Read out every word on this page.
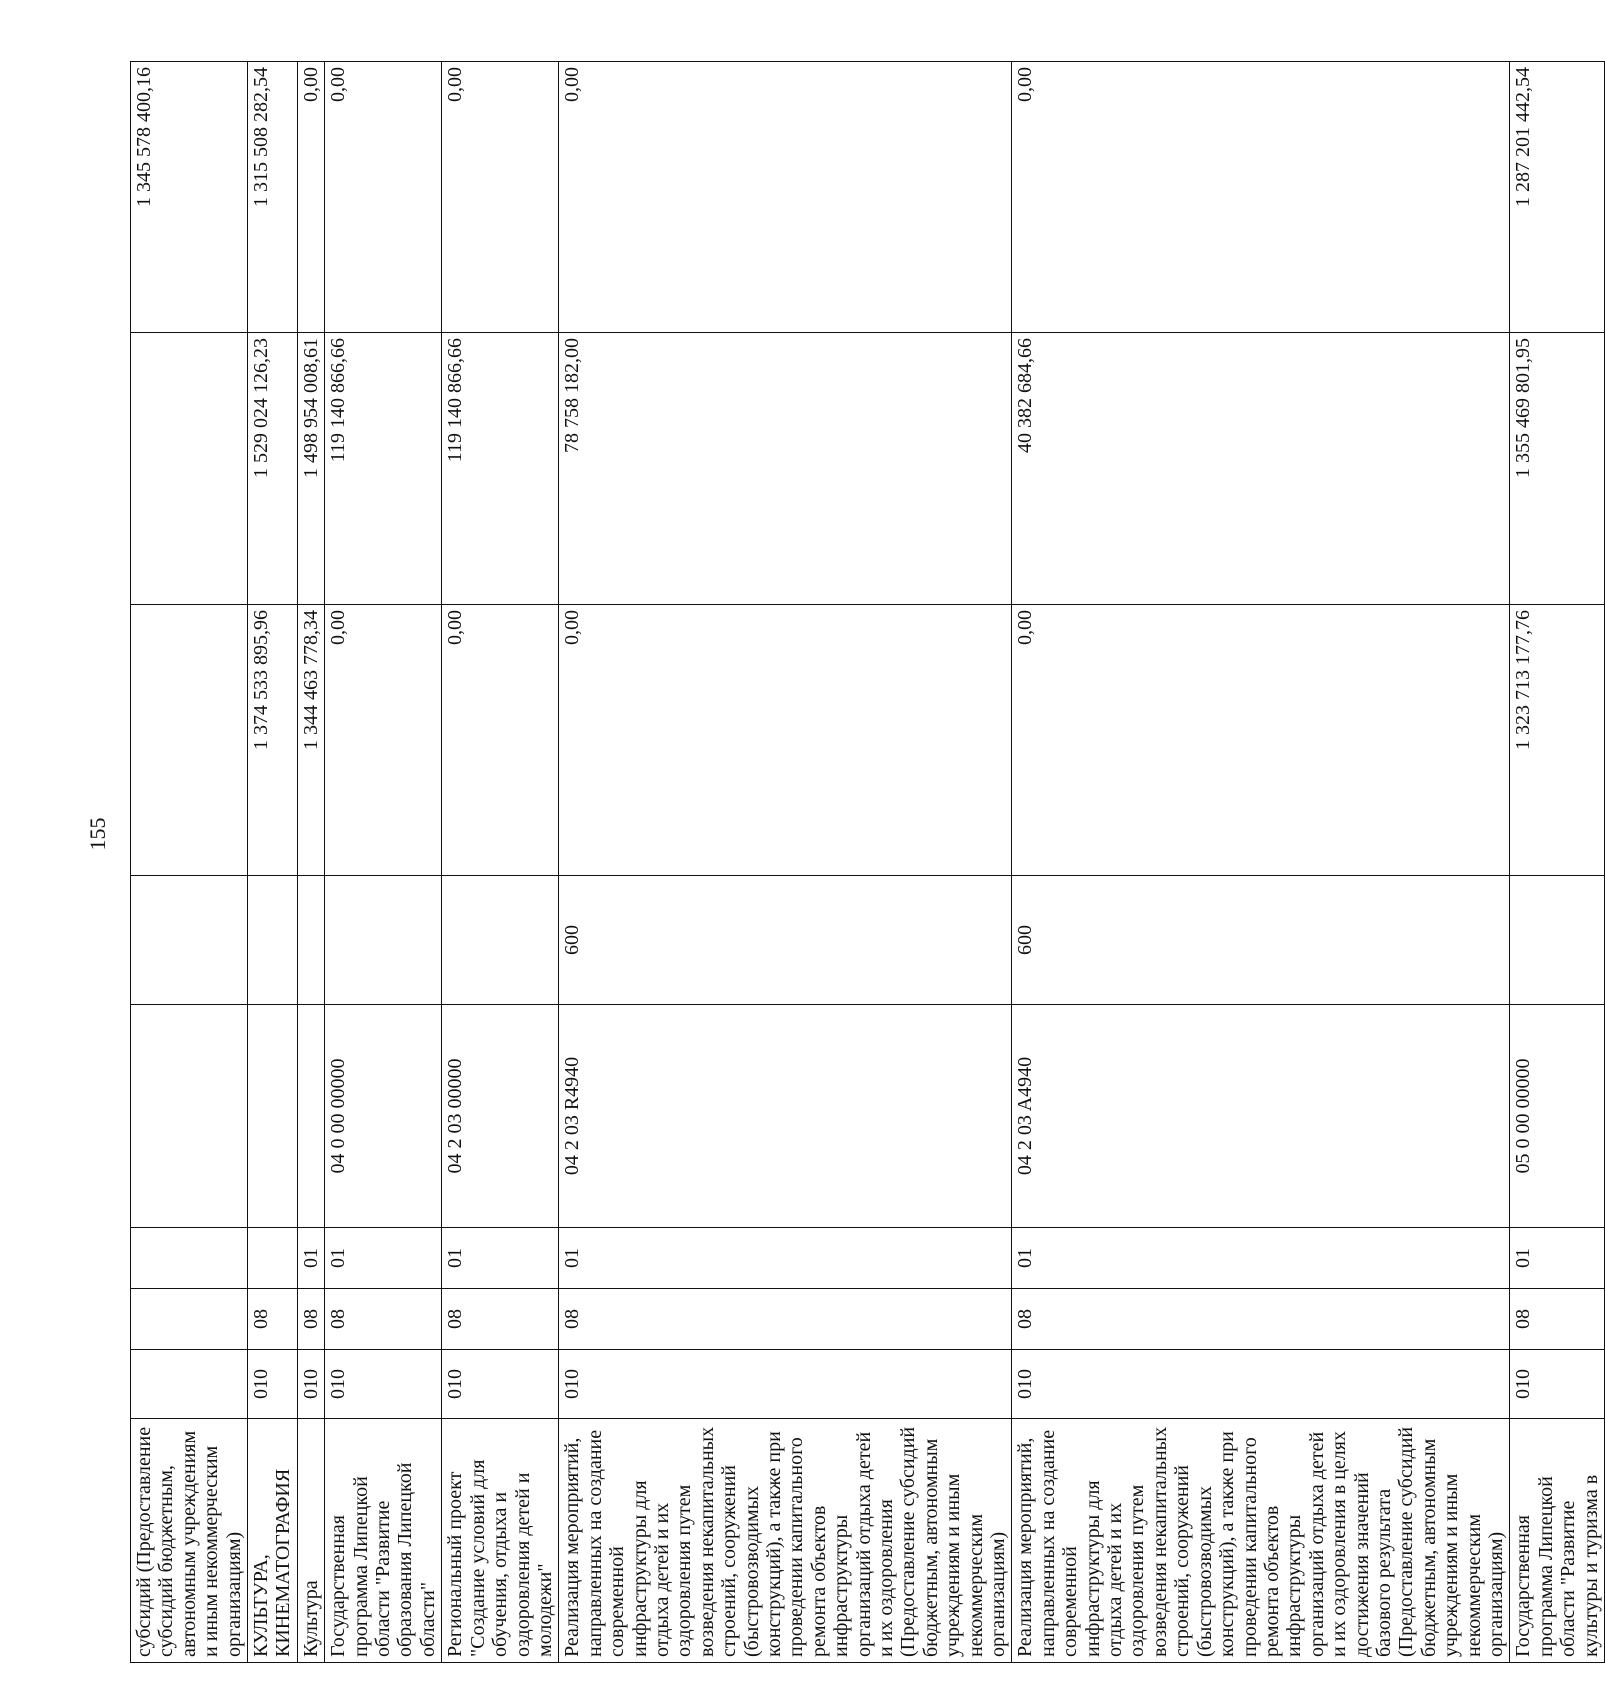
155
субсидий (Предоставление субсидий бюджетным, автономным учреждениям и иным некоммерческим организациям)								1 345 578 400,16
КУЛЬТУРА, КИНЕМАТОГРАФИЯ	010	08				1 374 533 895,96	1 529 024 126,23	1 315 508 282,54
Культура	010	08	01			1 344 463 778,34	1 498 954 008,61	0,00
Государственная программа Липецкой области "Развитие образования Липецкой области"	010	08	01	04 0 00 00000		0,00	119 140 866,66	0,00
Региональный проект "Создание условий для обучения, отдыха и оздоровления детей и молодежи"	010	08	01	04 2 03 00000		0,00	119 140 866,66	0,00
Реализация мероприятий, направленных на создание современной инфраструктуры для отдыха детей и их оздоровления путем возведения некапитальных строений, сооружений (быстровозводимых конструкций), а также при проведении капитального ремонта объектов инфраструктуры организаций отдыха детей и их оздоровления (Предоставление субсидий бюджетным, автономным учреждениям и иным некоммерческим организациям)	010	08	01	04 2 03 R4940	600	0,00	78 758 182,00	0,00
Реализация мероприятий, направленных на создание современной инфраструктуры для отдыха детей и их оздоровления путем возведения некапитальных строений, сооружений (быстровозводимых конструкций), а также при проведении капитального ремонта объектов инфраструктуры организаций отдыха детей и их оздоровления в целях достижения значений базового результата (Предоставление субсидий бюджетным, автономным учреждениям и иным некоммерческим организациям)	010	08	01	04 2 03 A4940	600	0,00	40 382 684,66	0,00
Государственная программа Липецкой области "Развитие культуры и туризма в	010	08	01	05 0 00 00000		1 323 713 177,76	1 355 469 801,95	1 287 201 442,54
